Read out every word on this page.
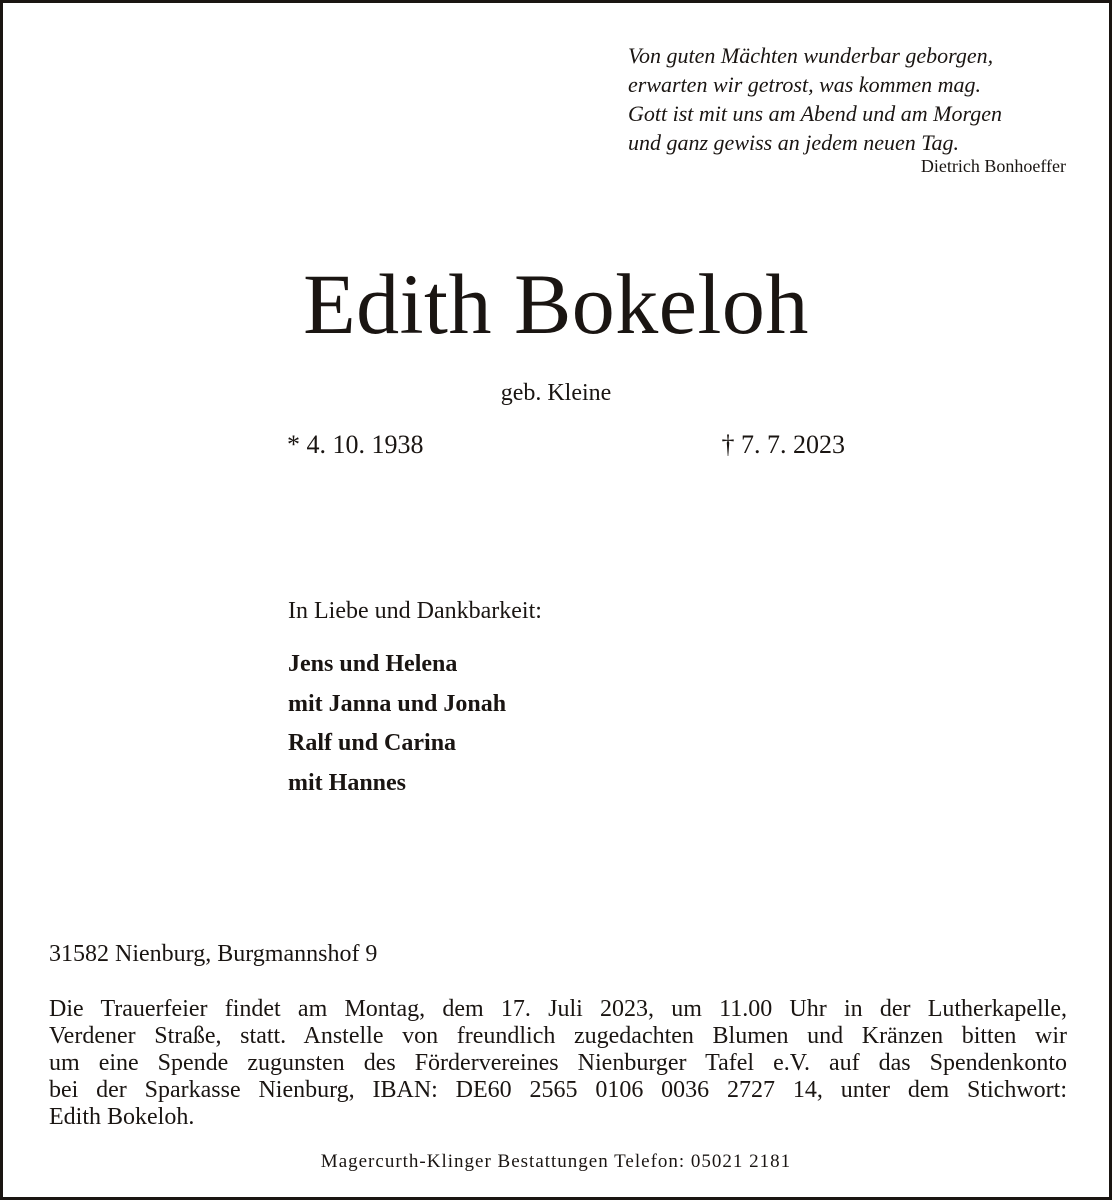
Von guten Mächten wunderbar geborgen,
erwarten wir getrost, was kommen mag.
Gott ist mit uns am Abend und am Morgen
und ganz gewiss an jedem neuen Tag.
Dietrich Bonhoeffer
Edith Bokeloh
geb. Kleine
* 4. 10. 1938	† 7. 7. 2023
In Liebe und Dankbarkeit:
Jens und Helena
mit Janna und Jonah
Ralf und Carina
mit Hannes
31582 Nienburg, Burgmannshof 9
Die Trauerfeier findet am Montag, dem 17. Juli 2023, um 11.00 Uhr in der Lutherkapelle,
Verdener Straße, statt. Anstelle von freundlich zugedachten Blumen und Kränzen bitten wir
um eine Spende zugunsten des Fördervereines Nienburger Tafel e.V. auf das Spendenkonto
bei der Sparkasse Nienburg, IBAN: DE60 2565 0106 0036 2727 14, unter dem Stichwort:
Edith Bokeloh.
Magercurth-Klinger Bestattungen Telefon: 05021 2181
